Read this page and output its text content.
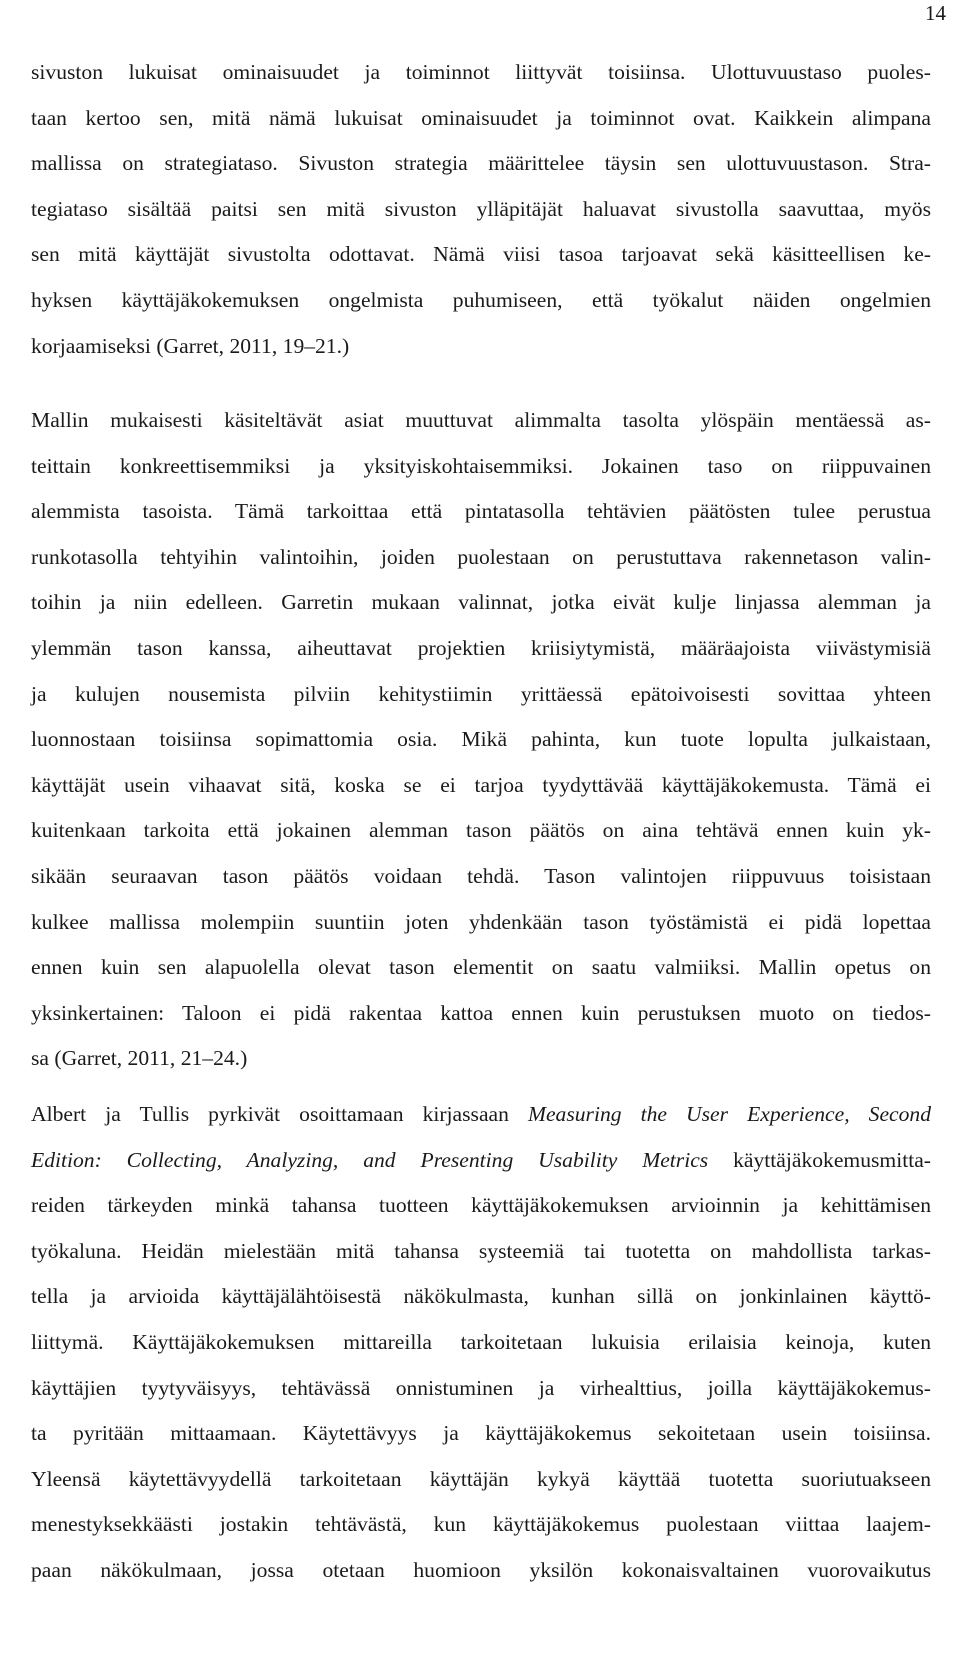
14
sivuston lukuisat ominaisuudet ja toiminnot liittyvät toisiinsa. Ulottuvuustaso puoles-
taan kertoo sen, mitä nämä lukuisat ominaisuudet ja toiminnot ovat. Kaikkein alimpana
mallissa on strategiataso. Sivuston strategia määrittelee täysin sen ulottuvuustason. Stra-
tegiataso sisältää paitsi sen mitä sivuston ylläpitäjät haluavat sivustolla saavuttaa, myös
sen mitä käyttäjät sivustolta odottavat. Nämä viisi tasoa tarjoavat sekä käsitteellisen ke-
hyksen käyttäjäkokemuksen ongelmista puhumiseen, että työkalut näiden ongelmien
korjaamiseksi (Garret, 2011, 19–21.)
Mallin mukaisesti käsiteltävät asiat muuttuvat alimmalta tasolta ylöspäin mentäessä as-
teittain konkreettisemmiksi ja yksityiskohtaisemmiksi. Jokainen taso on riippuvainen
alemmista tasoista. Tämä tarkoittaa että pintatasolla tehtävien päätösten tulee perustua
runkotasolla tehtyihin valintoihin, joiden puolestaan on perustuttava rakennetason valin-
toihin ja niin edelleen. Garretin mukaan valinnat, jotka eivät kulje linjassa alemman ja
ylemmän tason kanssa, aiheuttavat projektien kriisiytymistä, määräajoista viivästymisiä
ja kulujen nousemista pilviin kehitystiimin yrittäessä epätoivoisesti sovittaa yhteen
luonnostaan toisiinsa sopimattomia osia. Mikä pahinta, kun tuote lopulta julkaistaan,
käyttäjät usein vihaavat sitä, koska se ei tarjoa tyydyttävää käyttäjäkokemusta. Tämä ei
kuitenkaan tarkoita että jokainen alemman tason päätös on aina tehtävä ennen kuin yk-
sikään seuraavan tason päätös voidaan tehdä. Tason valintojen riippuvuus toisistaan
kulkee mallissa molempiin suuntiin joten yhdenkään tason työstämistä ei pidä lopettaa
ennen kuin sen alapuolella olevat tason elementit on saatu valmiiksi. Mallin opetus on
yksinkertainen: Taloon ei pidä rakentaa kattoa ennen kuin perustuksen muoto on tiedos-
sa (Garret, 2011, 21–24.)
Albert ja Tullis pyrkivät osoittamaan kirjassaan Measuring the User Experience, Second
Edition: Collecting, Analyzing, and Presenting Usability Metrics käyttäjäkokemusmitta-
reiden tärkeyden minkä tahansa tuotteen käyttäjäkokemuksen arvioinnin ja kehittämisen
työkaluna. Heidän mielestään mitä tahansa systeemiä tai tuotetta on mahdollista tarkas-
tella ja arvioida käyttäjälähtöisestä näkökulmasta, kunhan sillä on jonkinlainen käyttö-
liittymä. Käyttäjäkokemuksen mittareilla tarkoitetaan lukuisia erilaisia keinoja, kuten
käyttäjien tyytyväisyys, tehtävässä onnistuminen ja virhealttius, joilla käyttäjäkokemus-
ta pyritään mittaamaan. Käytettävyys ja käyttäjäkokemus sekoitetaan usein toisiinsa.
Yleensä käytettävyydellä tarkoitetaan käyttäjän kykyä käyttää tuotetta suoriutuakseen
menestyksekkäästi jostakin tehtävästä, kun käyttäjäkokemus puolestaan viittaa laajem-
paan näkökulmaan, jossa otetaan huomioon yksilön kokonaisvaltainen vuorovaikutus
